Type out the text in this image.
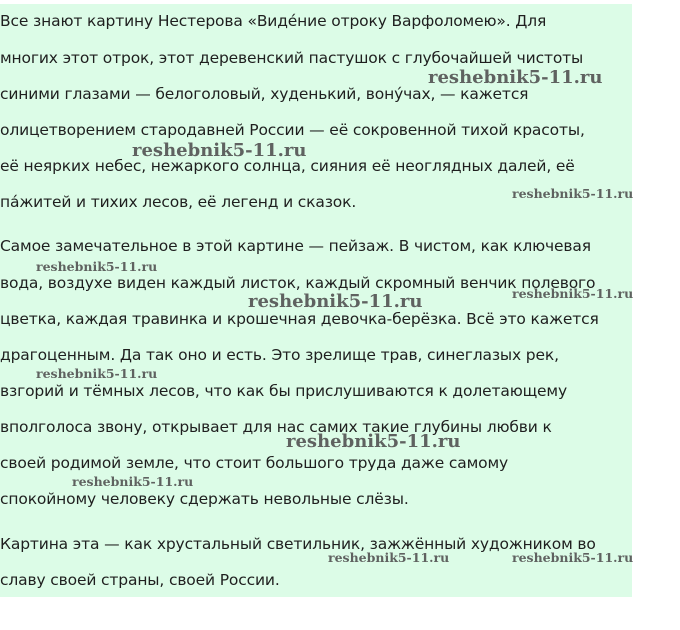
Все знают картину Нестерова «Виде́ние отроку Варфоломею». Для
многих этот отрок, этот деревенский пастушок с глубочайшей чистоты
синими глазами — белоголовый, худенький, вону́чах, — кажется
олицетворением стародавней России — её сокровенной тихой красоты,
её неярких небес, нежаркого солнца, сияния её неоглядных далей, её
па́житей и тихих лесов, её легенд и сказок.
Самое замечательное в этой картине — пейзаж. В чистом, как ключевая
вода, воздухе виден каждый листок, каждый скромный венчик полевого
цветка, каждая травинка и крошечная девочка-берёзка. Всё это кажется
драгоценным. Да так оно и есть. Это зрелище трав, синеглазых рек,
взгорий и тёмных лесов, что как бы прислушиваются к долетающему
вполголоса звону, открывает для нас самих такие глубины любви к
своей родимой земле, что стоит большого труда даже самому
спокойному человеку сдержать невольные слёзы.
Картина эта — как хрустальный светильник, зажжённый художником во
славу своей страны, своей России.
reshebnik5-11.ru
reshebnik5-11.ru
reshebnik5-11.ru
reshebnik5-11.ru
reshebnik5-11.ru	reshebnik5-11.ru
reshebnik5-11.ru
reshebnik5-11.ru
reshebnik5-11.ru
reshebnik5-11.ru	reshebnik5-11.ru
